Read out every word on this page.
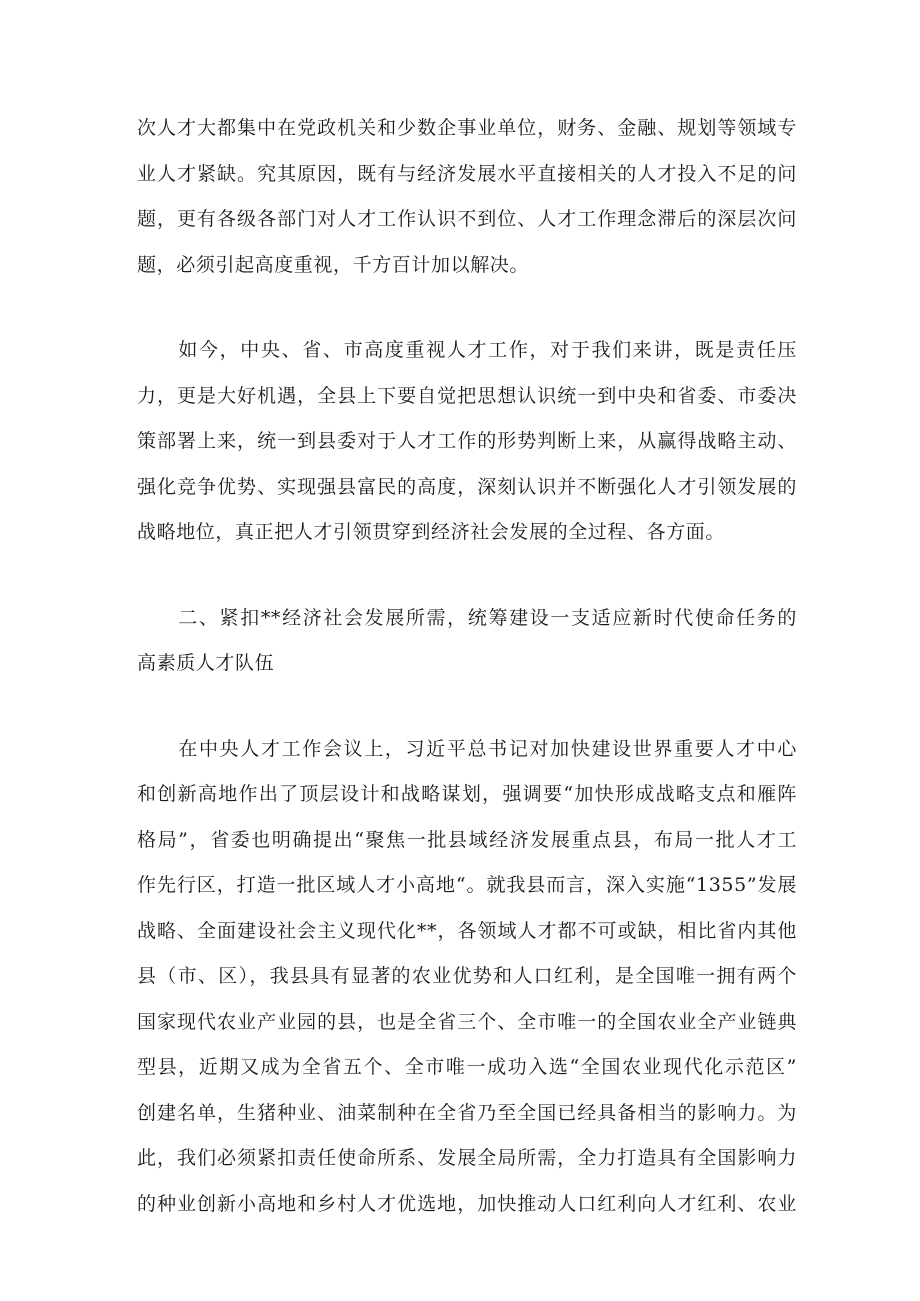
次人才大都集中在党政机关和少数企事业单位，财务、金融、规划等领域专
业人才紧缺。究其原因，既有与经济发展水平直接相关的人才投入不足的问
题，更有各级各部门对人才工作认识不到位、人才工作理念滞后的深层次问
题，必须引起高度重视，千方百计加以解决。

　　如今，中央、省、市高度重视人才工作，对于我们来讲，既是责任压
力，更是大好机遇，全县上下要自觉把思想认识统一到中央和省委、市委决
策部署上来，统一到县委对于人才工作的形势判断上来，从赢得战略主动、
强化竞争优势、实现强县富民的高度，深刻认识并不断强化人才引领发展的
战略地位，真正把人才引领贯穿到经济社会发展的全过程、各方面。

　　二、紧扣**经济社会发展所需，统筹建设一支适应新时代使命任务的
高素质人才队伍

　　在中央人才工作会议上，习近平总书记对加快建设世界重要人才中心
和创新高地作出了顶层设计和战略谋划，强调要“加快形成战略支点和雁阵
格局”，省委也明确提出“聚焦一批县域经济发展重点县，布局一批人才工
作先行区，打造一批区域人才小高地“。就我县而言，深入实施“1355”发展
战略、全面建设社会主义现代化**，各领域人才都不可或缺，相比省内其他
县（市、区），我县具有显著的农业优势和人口红利，是全国唯一拥有两个
国家现代农业产业园的县，也是全省三个、全市唯一的全国农业全产业链典
型县，近期又成为全省五个、全市唯一成功入选“全国农业现代化示范区”
创建名单，生猪种业、油菜制种在全省乃至全国已经具备相当的影响力。为
此，我们必须紧扣责任使命所系、发展全局所需，全力打造具有全国影响力
的种业创新小高地和乡村人才优选地，加快推动人口红利向人才红利、农业
